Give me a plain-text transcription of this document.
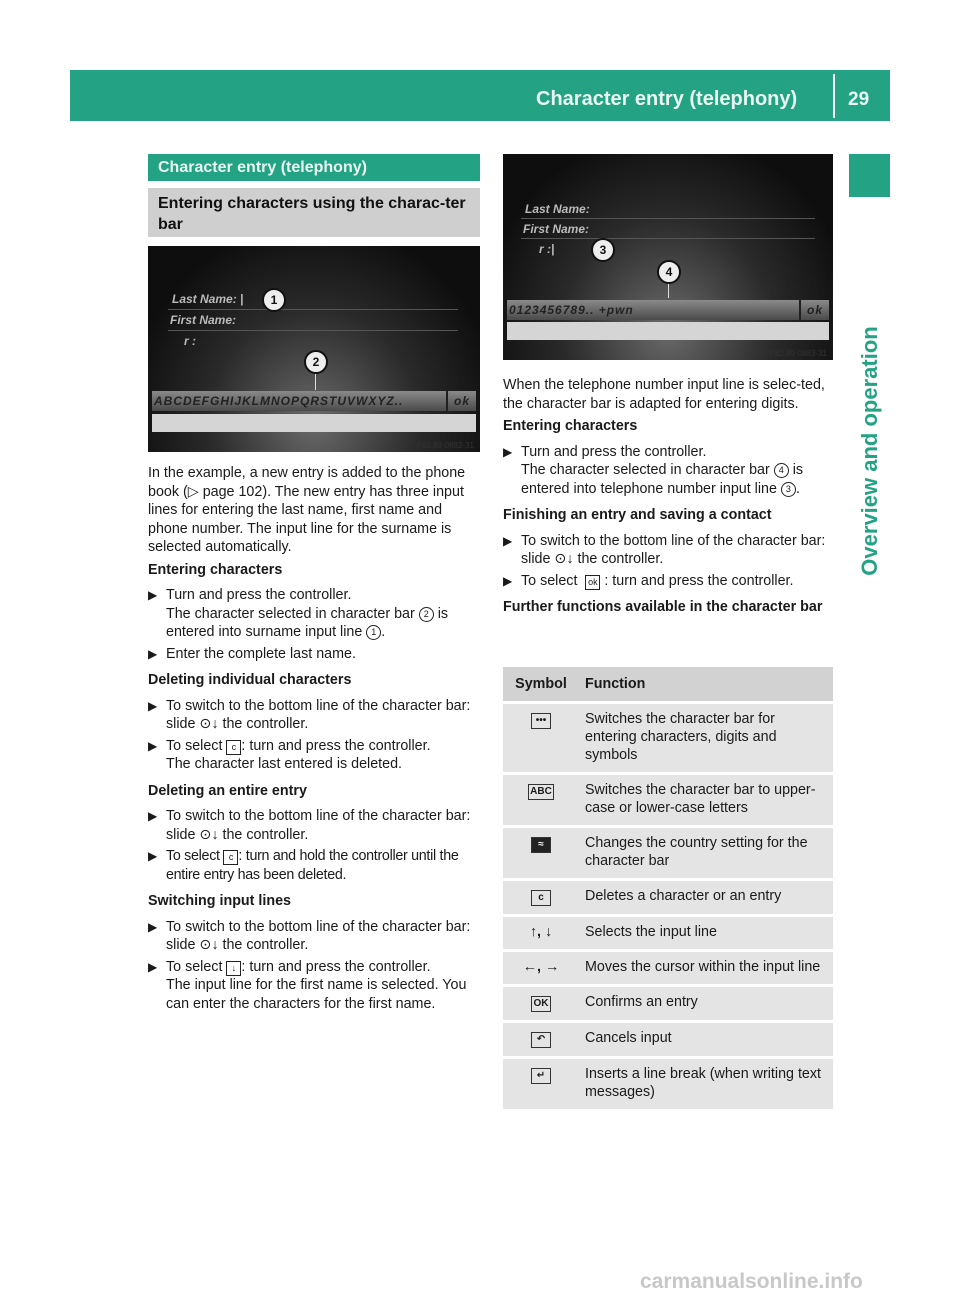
Character entry (telephony)	29
Overview and operation
Character entry (telephony)
Entering characters using the charac-ter bar
Last Name: |
First Name:
r :
1
2
ABCDEFGHIJKLMNOPQRSTUVWXYZ..	ok
P82.89-0882-31
Last Name:
First Name:
r :|	3
4
0123456789.. +pwn	ok
P82.89-0883-31

In the example, a new entry is added to the phone book (▷ page 102). The new entry has three input lines for entering the last name, first name and phone number. The input line for the surname is selected automatically.

Entering characters

▶ Turn and press the controller.
The character selected in character bar 2 is entered into surname input line 1 .
▶ Enter the complete last name.

Deleting individual characters

▶ To switch to the bottom line of the character bar: slide ⊙↓ the controller.
▶ To select c : turn and press the controller.
The character last entered is deleted.

Deleting an entire entry

▶ To switch to the bottom line of the character bar: slide ⊙↓ the controller.
▶ To select c : turn and hold the controller until the entire entry has been deleted.

Switching input lines

▶ To switch to the bottom line of the character bar: slide ⊙↓ the controller.
▶ To select ↓ : turn and press the controller.
The input line for the first name is selected. You can enter the characters for the first name.

When the telephone number input line is selec-ted, the character bar is adapted for entering digits.

Entering characters

▶ Turn and press the controller.
The character selected in character bar 4 is entered into telephone number input line 3 .

Finishing an entry and saving a contact

▶ To switch to the bottom line of the character bar: slide ⊙↓ the controller.
▶ To select ok : turn and press the controller.

Further functions available in the character bar

Symbol	Function
•••	Switches the character bar for entering characters, digits and symbols
ABC	Switches the character bar to upper-case or lower-case letters
≈	Changes the country setting for the character bar
c	Deletes a character or an entry
↑, ↓	Selects the input line
←, →	Moves the cursor within the input line
OK	Confirms an entry
↶	Cancels input
↵	Inserts a line break (when writing text messages)
carmanualsonline.info
